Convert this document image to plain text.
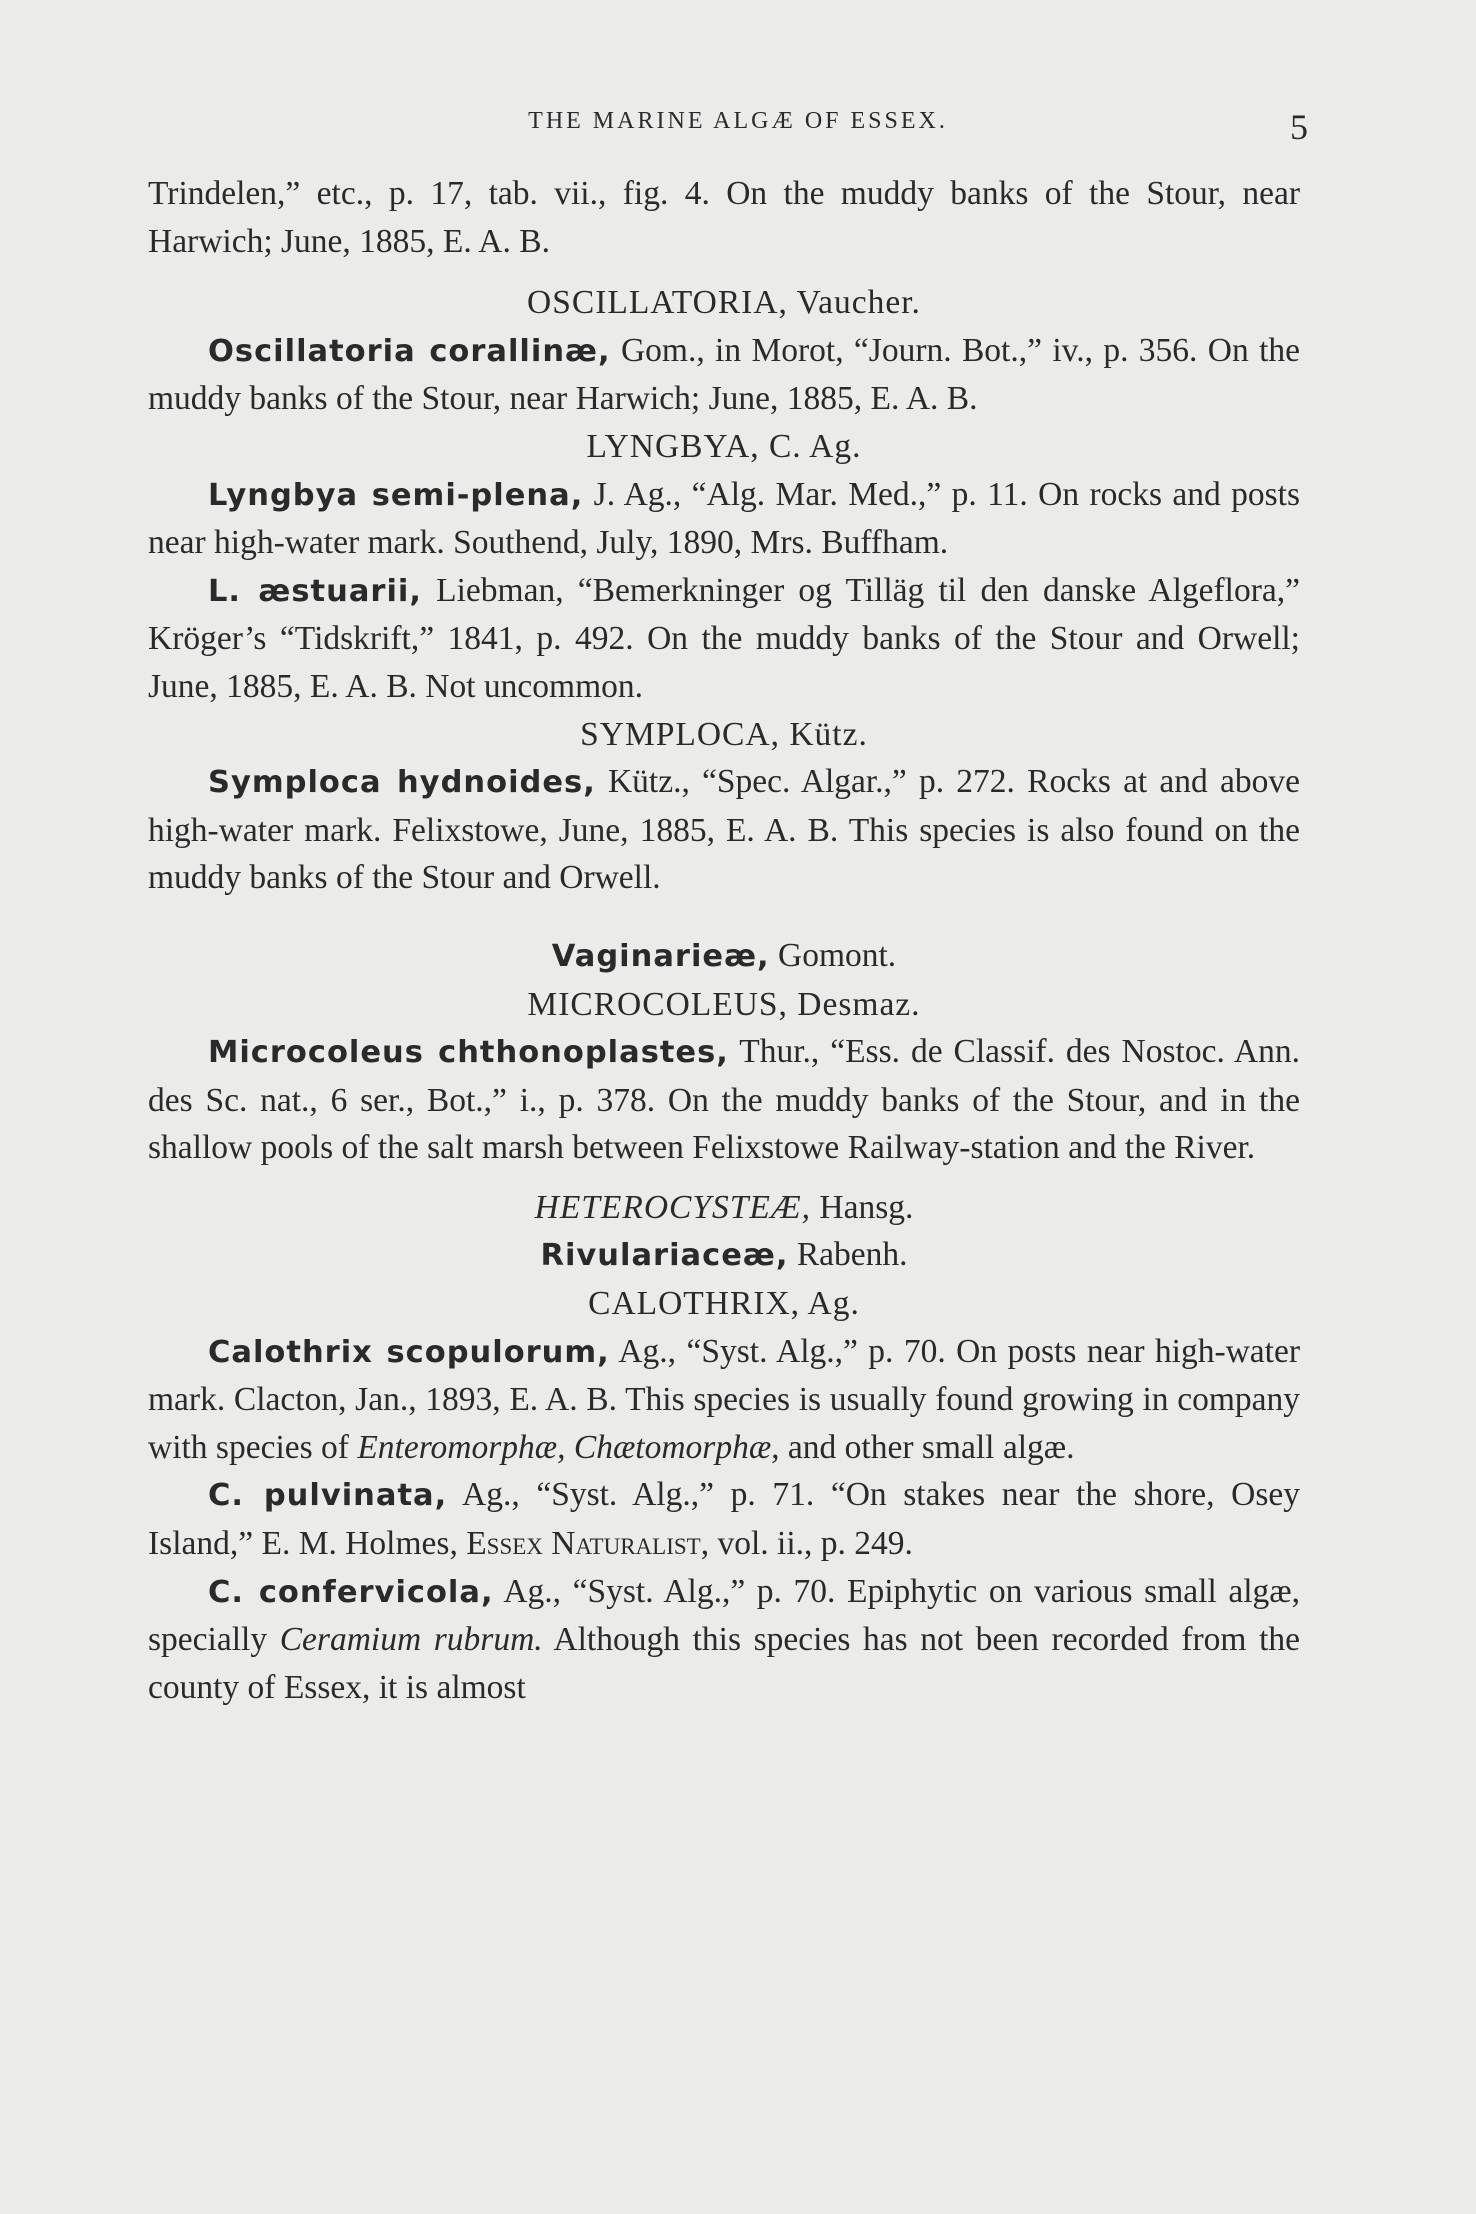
THE MARINE ALGÆ OF ESSEX.	5

Trindelen,” etc., p. 17, tab. vii., fig. 4. On the muddy banks of the Stour, near Harwich; June, 1885, E. A. B.

OSCILLATORIA, Vaucher.

Oscillatoria corallinæ, Gom., in Morot, “Journ. Bot.,” iv., p. 356. On the muddy banks of the Stour, near Harwich; June, 1885, E. A. B.

LYNGBYA, C. Ag.

Lyngbya semi-plena, J. Ag., “Alg. Mar. Med.,” p. 11. On rocks and posts near high-water mark. Southend, July, 1890, Mrs. Buffham.

L. æstuarii, Liebman, “Bemerkninger og Tilläg til den danske Algeflora,” Kröger’s “Tidskrift,” 1841, p. 492. On the muddy banks of the Stour and Orwell; June, 1885, E. A. B. Not uncommon.

SYMPLOCA, Kütz.

Symploca hydnoides, Kütz., “Spec. Algar.,” p. 272. Rocks at and above high-water mark. Felixstowe, June, 1885, E. A. B. This species is also found on the muddy banks of the Stour and Orwell.

Vaginarieæ, Gomont.

MICROCOLEUS, Desmaz.

Microcoleus chthonoplastes, Thur., “Ess. de Classif. des Nostoc. Ann. des Sc. nat., 6 ser., Bot.,” i., p. 378. On the muddy banks of the Stour, and in the shallow pools of the salt marsh between Felixstowe Railway-station and the River.

HETEROCYSTEÆ, Hansg.

Rivulariaceæ, Rabenh.

CALOTHRIX, Ag.

Calothrix scopulorum, Ag., “Syst. Alg.,” p. 70. On posts near high-water mark. Clacton, Jan., 1893, E. A. B. This species is usually found growing in company with species of Enteromorphæ, Chætomorphæ, and other small algæ.

C. pulvinata, Ag., “Syst. Alg.,” p. 71. “On stakes near the shore, Osey Island,” E. M. Holmes, Essex Naturalist, vol. ii., p. 249.

C. confervicola, Ag., “Syst. Alg.,” p. 70. Epiphytic on various small algæ, specially Ceramium rubrum. Although this species has not been recorded from the county of Essex, it is almost
